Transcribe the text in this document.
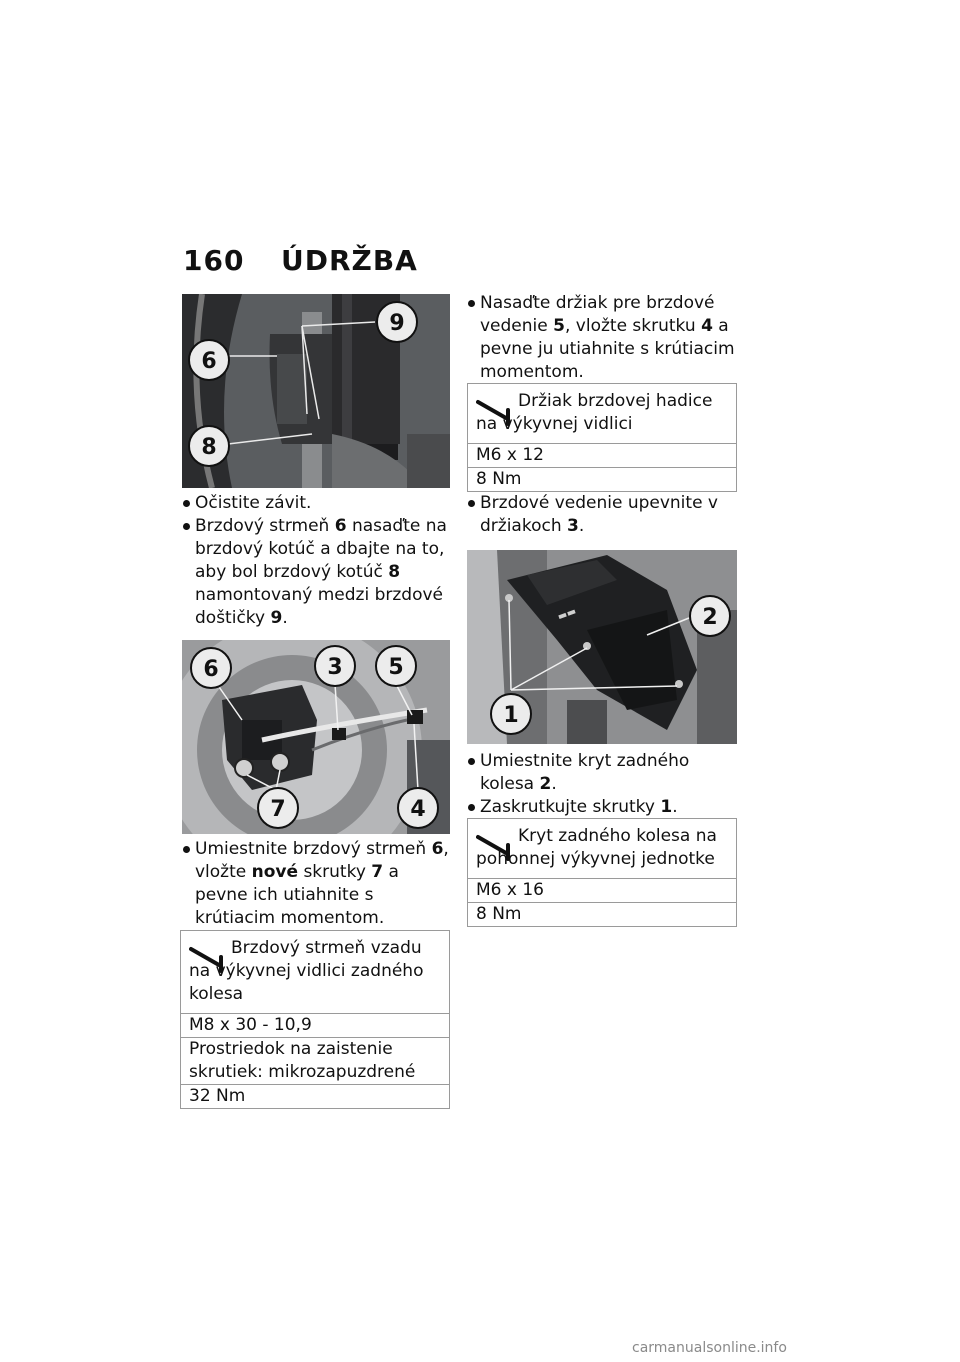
160 ÚDRŽBA
9
6
8
Očistite závit.
Brzdový strmeň 6 nasaďte na brzdový kotúč a dbajte na to, aby bol brzdový kotúč 8 namontovaný medzi brzdové doštičky 9.
6	3 5
7	4
Umiestnite brzdový strmeň 6, vložte nové skrutky 7 a pevne ich utiahnite s krútiacim momentom.
Brzdový strmeň vzadu na výkyvnej vidlici zadného kolesa
M8 x 30 - 10,9
Prostriedok na zaistenie skrutiek: mikrozapuzdrené
32 Nm
Nasaďte držiak pre brzdové vedenie 5, vložte skrutku 4 a pevne ju utiahnite s krútiacim momentom.
Držiak brzdovej hadice na výkyvnej vidlici
M6 x 12
8 Nm
Brzdové vedenie upevnite v držiakoch 3.
▬▬	2
1
Umiestnite kryt zadného kolesa 2.
Zaskrutkujte skrutky 1.
Kryt zadného kolesa na pohonnej výkyvnej jednotke
M6 x 16
8 Nm
carmanualsonline.info
